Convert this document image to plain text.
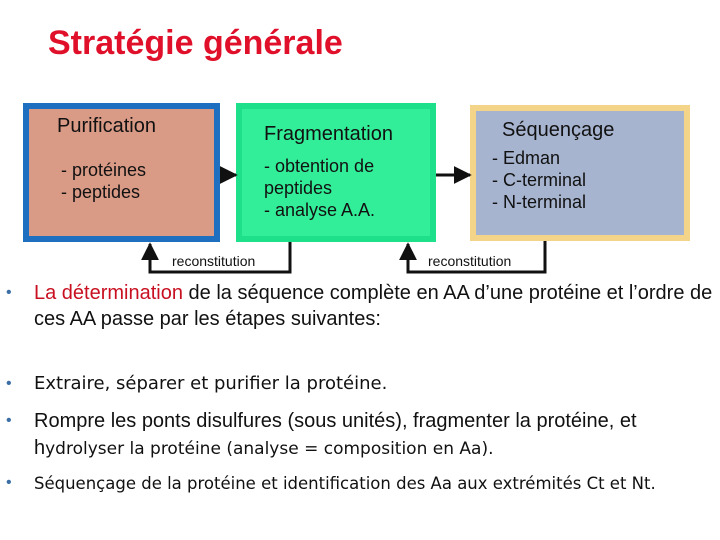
Stratégie générale
Purification
- protéines
- peptides
Fragmentation
- obtention de
peptides
- analyse A.A.
Séquençage
- Edman
- C-terminal
- N-terminal
reconstitution	reconstitution
• La détermination de la séquence complète en AA d’une protéine et l’ordre de ces AA passe par les étapes suivantes:
• Extraire, séparer et purifier la protéine.
• Rompre les ponts disulfures (sous unités), fragmenter la protéine, et hydrolyser la protéine (analyse = composition en Aa).
• Séquençage de la protéine et identification des Aa aux extrémités Ct et Nt.
